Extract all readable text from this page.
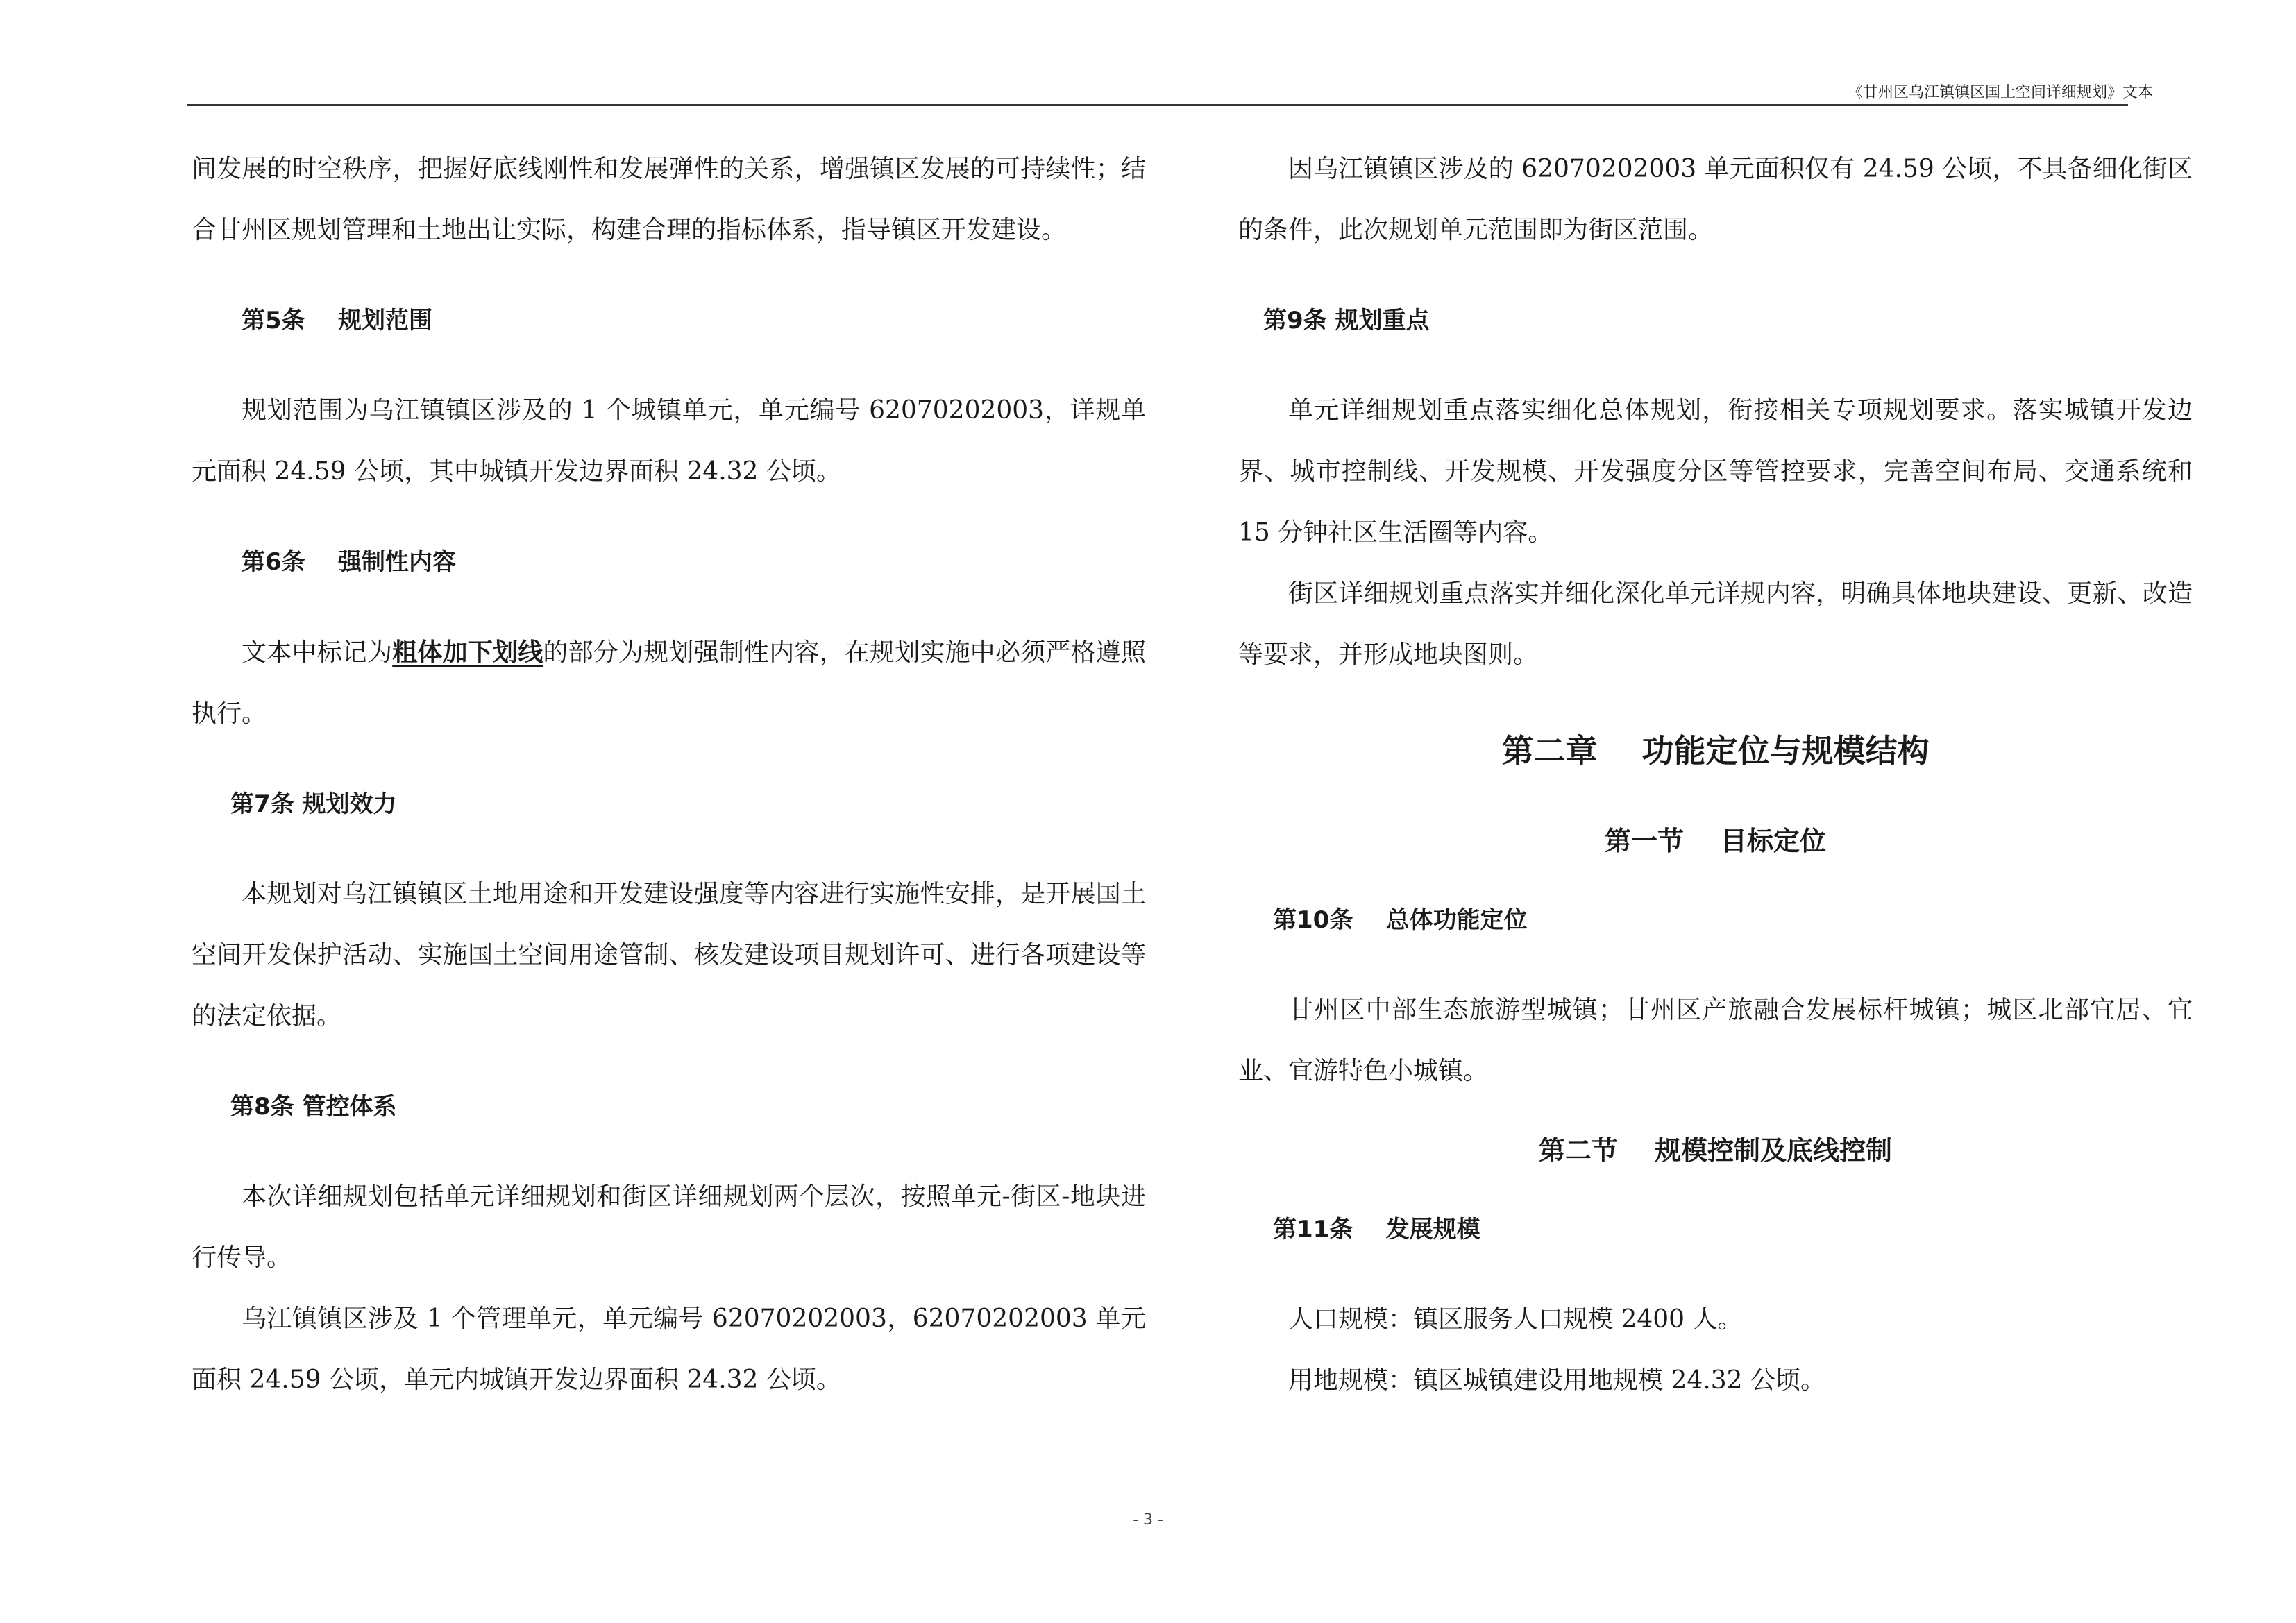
《甘州区乌江镇镇区国土空间详细规划》文本

间发展的时空秩序，把握好底线刚性和发展弹性的关系，增强镇区发展的可持续性；结合甘州区规划管理和土地出让实际，构建合理的指标体系，指导镇区开发建设。

第5条    规划范围

规划范围为乌江镇镇区涉及的 1 个城镇单元，单元编号 62070202003，详规单元面积 24.59 公顷，其中城镇开发边界面积 24.32 公顷。

第6条    强制性内容

文本中标记为粗体加下划线的部分为规划强制性内容，在规划实施中必须严格遵照执行。

第7条 规划效力

本规划对乌江镇镇区土地用途和开发建设强度等内容进行实施性安排，是开展国土空间开发保护活动、实施国土空间用途管制、核发建设项目规划许可、进行各项建设等的法定依据。

第8条 管控体系

本次详细规划包括单元详细规划和街区详细规划两个层次，按照单元-街区-地块进行传导。

乌江镇镇区涉及 1 个管理单元，单元编号 62070202003，62070202003 单元面积 24.59 公顷，单元内城镇开发边界面积 24.32 公顷。

因乌江镇镇区涉及的 62070202003 单元面积仅有 24.59 公顷，不具备细化街区的条件，此次规划单元范围即为街区范围。

第9条 规划重点

单元详细规划重点落实细化总体规划，衔接相关专项规划要求。落实城镇开发边界、城市控制线、开发规模、开发强度分区等管控要求，完善空间布局、交通系统和 15 分钟社区生活圈等内容。

街区详细规划重点落实并细化深化单元详规内容，明确具体地块建设、更新、改造等要求，并形成地块图则。

第二章    功能定位与规模结构
第一节    目标定位
第10条    总体功能定位

甘州区中部生态旅游型城镇；甘州区产旅融合发展标杆城镇；城区北部宜居、宜业、宜游特色小城镇。

第二节    规模控制及底线控制
第11条    发展规模

人口规模：镇区服务人口规模 2400 人。

用地规模：镇区城镇建设用地规模 24.32 公顷。

- 3 -
